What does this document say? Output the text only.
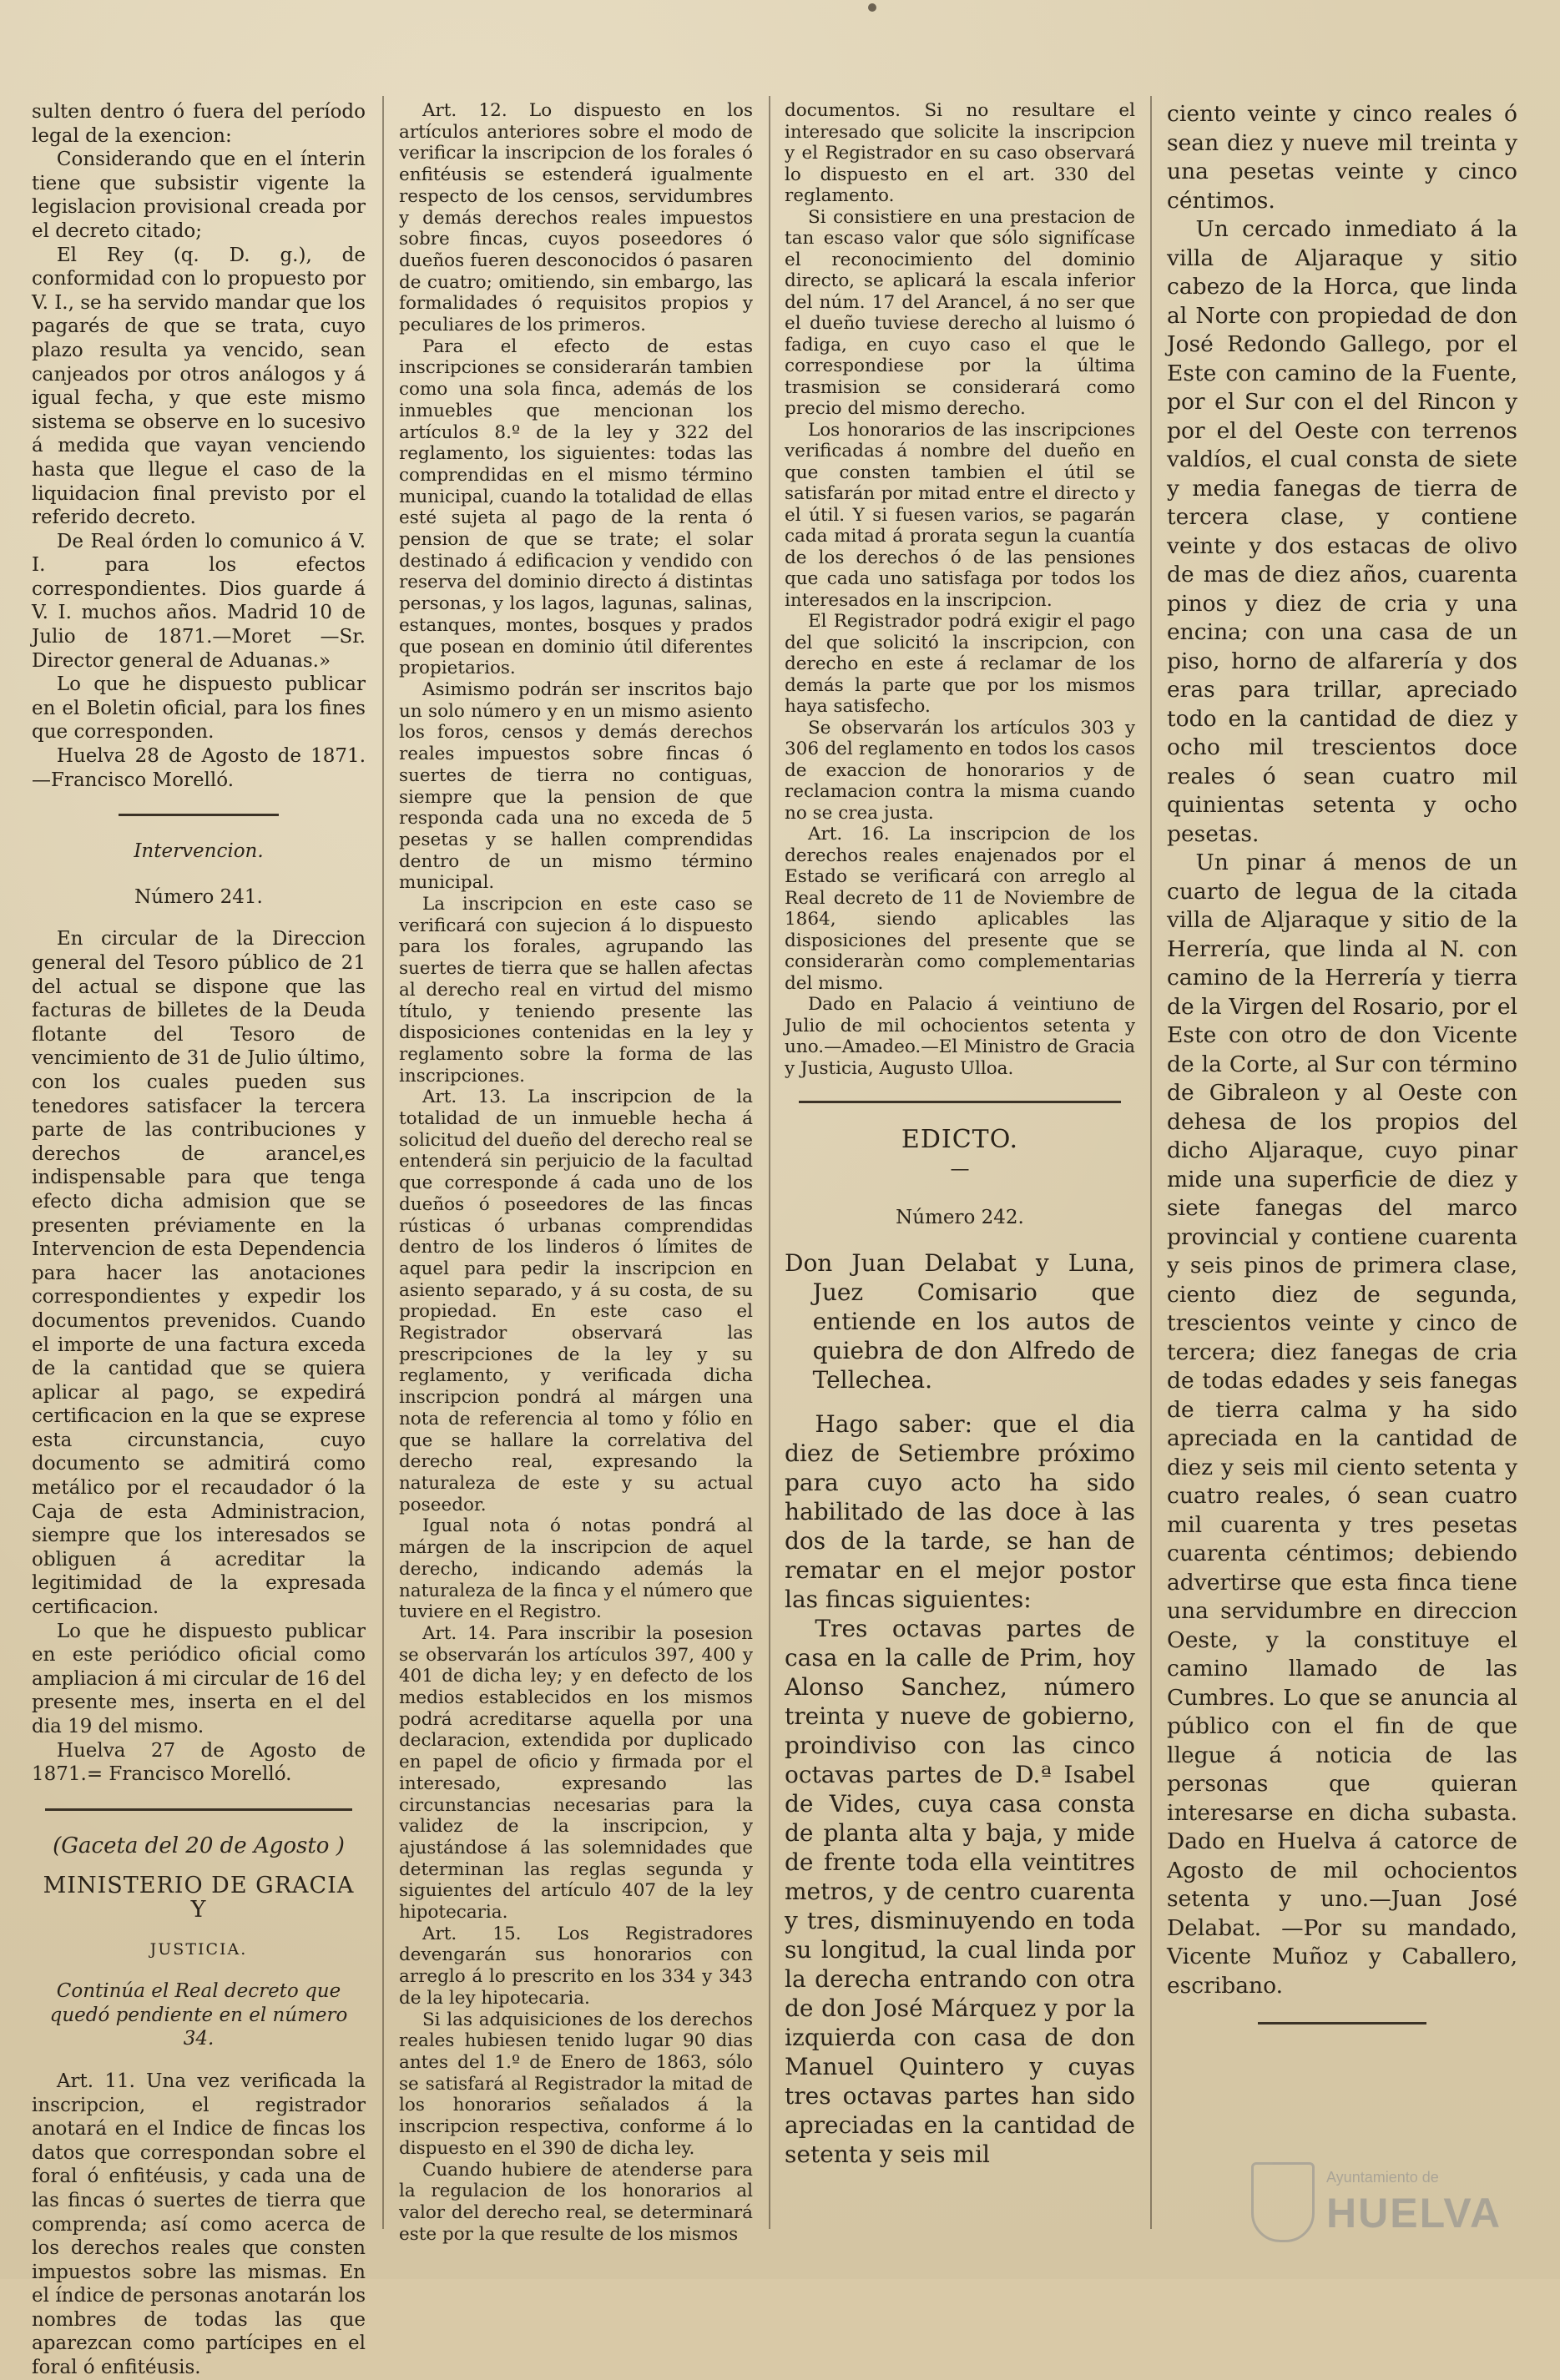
sulten dentro ó fuera del período legal de la exencion:

Considerando que en el ínterin tiene que subsistir vigente la legislacion provisional creada por el decreto citado;

El Rey (q. D. g.), de conformidad con lo propuesto por V. I., se ha servido mandar que los pagarés de que se trata, cuyo plazo resulta ya vencido, sean canjeados por otros análogos y á igual fecha, y que este mismo sistema se observe en lo sucesivo á medida que vayan venciendo hasta que llegue el caso de la liquidacion final previsto por el referido decreto.

De Real órden lo comunico á V. I. para los efectos correspondientes. Dios guarde á V. I. muchos años. Madrid 10 de Julio de 1871.—Moret —Sr. Director general de Aduanas.»

Lo que he dispuesto publicar en el Boletin oficial, para los fines que corresponden.

Huelva 28 de Agosto de 1871. —Francisco Morelló.

Intervencion.
Número 241.

En circular de la Direccion general del Tesoro público de 21 del actual se dispone que las facturas de billetes de la Deuda flotante del Tesoro de vencimiento de 31 de Julio último, con los cuales pueden sus tenedores satisfacer la tercera parte de las contribuciones y derechos de arancel,es indispensable para que tenga efecto dicha admision que se presenten préviamente en la Intervencion de esta Dependencia para hacer las anotaciones correspondientes y expedir los documentos prevenidos. Cuando el importe de una factura exceda de la cantidad que se quiera aplicar al pago, se expedirá certificacion en la que se exprese esta circunstancia, cuyo documento se admitirá como metálico por el recaudador ó la Caja de esta Administracion, siempre que los interesados se obliguen á acreditar la legitimidad de la expresada certificacion.

Lo que he dispuesto publicar en este periódico oficial como ampliacion á mi circular de 16 del presente mes, inserta en el del dia 19 del mismo.

Huelva 27 de Agosto de 1871.= Francisco Morelló.

(Gaceta del 20 de Agosto )
MINISTERIO DE GRACIA Y
JUSTICIA.
Continúa el Real decreto que quedó pendiente en el número 34.

Art. 11. Una vez verificada la inscripcion, el registrador anotará en el Indice de fincas los datos que correspondan sobre el foral ó enfitéusis, y cada una de las fincas ó suertes de tierra que comprenda; así como acerca de los derechos reales que consten impuestos sobre las mismas. En el índice de personas anotarán los nombres de todas las que aparezcan como partícipes en el foral ó enfitéusis.

Art. 12. Lo dispuesto en los artículos anteriores sobre el modo de verificar la inscripcion de los forales ó enfitéusis se estenderá igualmente respecto de los censos, servidumbres y demás derechos reales impuestos sobre fincas, cuyos poseedores ó dueños fueren desconocidos ó pasaren de cuatro; omitiendo, sin embargo, las formalidades ó requisitos propios y peculiares de los primeros.

Para el efecto de estas inscripciones se considerarán tambien como una sola finca, además de los inmuebles que mencionan los artículos 8.º de la ley y 322 del reglamento, los siguientes: todas las comprendidas en el mismo término municipal, cuando la totalidad de ellas esté sujeta al pago de la renta ó pension de que se trate; el solar destinado á edificacion y vendido con reserva del dominio directo á distintas personas, y los lagos, lagunas, salinas, estanques, montes, bosques y prados que posean en dominio útil diferentes propietarios.

Asimismo podrán ser inscritos bajo un solo número y en un mismo asiento los foros, censos y demás derechos reales impuestos sobre fincas ó suertes de tierra no contiguas, siempre que la pension de que responda cada una no exceda de 5 pesetas y se hallen comprendidas dentro de un mismo término municipal.

La inscripcion en este caso se verificará con sujecion á lo dispuesto para los forales, agrupando las suertes de tierra que se hallen afectas al derecho real en virtud del mismo título, y teniendo presente las disposiciones contenidas en la ley y reglamento sobre la forma de las inscripciones.

Art. 13. La inscripcion de la totalidad de un inmueble hecha á solicitud del dueño del derecho real se entenderá sin perjuicio de la facultad que corresponde á cada uno de los dueños ó poseedores de las fincas rústicas ó urbanas comprendidas dentro de los linderos ó límites de aquel para pedir la inscripcion en asiento separado, y á su costa, de su propiedad. En este caso el Registrador observará las prescripciones de la ley y su reglamento, y verificada dicha inscripcion pondrá al márgen una nota de referencia al tomo y fólio en que se hallare la correlativa del derecho real, expresando la naturaleza de este y su actual poseedor.

Igual nota ó notas pondrá al márgen de la inscripcion de aquel derecho, indicando además la naturaleza de la finca y el número que tuviere en el Registro.

Art. 14. Para inscribir la posesion se observarán los artículos 397, 400 y 401 de dicha ley; y en defecto de los medios establecidos en los mismos podrá acreditarse aquella por una declaracion, extendida por duplicado en papel de oficio y firmada por el interesado, expresando las circunstancias necesarias para la validez de la inscripcion, y ajustándose á las solemnidades que determinan las reglas segunda y siguientes del artículo 407 de la ley hipotecaria.

Art. 15. Los Registradores devengarán sus honorarios con arreglo á lo prescrito en los 334 y 343 de la ley hipotecaria.

Si las adquisiciones de los derechos reales hubiesen tenido lugar 90 dias antes del 1.º de Enero de 1863, sólo se satisfará al Registrador la mitad de los honorarios señalados á la inscripcion respectiva, conforme á lo dispuesto en el 390 de dicha ley.

Cuando hubiere de atenderse para la regulacion de los honorarios al valor del derecho real, se determinará este por la que resulte de los mismos

documentos. Si no resultare el interesado que solicite la inscripcion y el Registrador en su caso observará lo dispuesto en el art. 330 del reglamento.

Si consistiere en una prestacion de tan escaso valor que sólo signifícase el reconocimiento del dominio directo, se aplicará la escala inferior del núm. 17 del Arancel, á no ser que el dueño tuviese derecho al luismo ó fadiga, en cuyo caso el que le correspondiese por la última trasmision se considerará como precio del mismo derecho.

Los honorarios de las inscripciones verificadas á nombre del dueño en que consten tambien el útil se satisfarán por mitad entre el directo y el útil. Y si fuesen varios, se pagarán cada mitad á prorata segun la cuantía de los derechos ó de las pensiones que cada uno satisfaga por todos los interesados en la inscripcion.

El Registrador podrá exigir el pago del que solicitó la inscripcion, con derecho en este á reclamar de los demás la parte que por los mismos haya satisfecho.

Se observarán los artículos 303 y 306 del reglamento en todos los casos de exaccion de honorarios y de reclamacion contra la misma cuando no se crea justa.

Art. 16. La inscripcion de los derechos reales enajenados por el Estado se verificará con arreglo al Real decreto de 11 de Noviembre de 1864, siendo aplicables las disposiciones del presente que se consideraràn como complementarias del mismo.

Dado en Palacio á veintiuno de Julio de mil ochocientos setenta y uno.—Amadeo.—El Ministro de Gracia y Justicia, Augusto Ulloa.

EDICTO.
—
Número 242.

Don Juan Delabat y Luna, Juez Comisario que entiende en los autos de quiebra de don Alfredo de Tellechea.

Hago saber: que el dia diez de Setiembre próximo para cuyo acto ha sido habilitado de las doce à las dos de la tarde, se han de rematar en el mejor postor las fincas siguientes:

Tres octavas partes de casa en la calle de Prim, hoy Alonso Sanchez, número treinta y nueve de gobierno, proindiviso con las cinco octavas partes de D.ª Isabel de Vides, cuya casa consta de planta alta y baja, y mide de frente toda ella veintitres metros, y de centro cuarenta y tres, disminuyendo en toda su longitud, la cual linda por la derecha entrando con otra de don José Márquez y por la izquierda con casa de don Manuel Quintero y cuyas tres octavas partes han sido apreciadas en la cantidad de setenta y seis mil

ciento veinte y cinco reales ó sean diez y nueve mil treinta y una pesetas veinte y cinco céntimos.

Un cercado inmediato á la villa de Aljaraque y sitio cabezo de la Horca, que linda al Norte con propiedad de don José Redondo Gallego, por el Este con camino de la Fuente, por el Sur con el del Rincon y por el del Oeste con terrenos valdíos, el cual consta de siete y media fanegas de tierra de tercera clase, y contiene veinte y dos estacas de olivo de mas de diez años, cuarenta pinos y diez de cria y una encina; con una casa de un piso, horno de alfarería y dos eras para trillar, apreciado todo en la cantidad de diez y ocho mil trescientos doce reales ó sean cuatro mil quinientas setenta y ocho pesetas.

Un pinar á menos de un cuarto de legua de la citada villa de Aljaraque y sitio de la Herrería, que linda al N. con camino de la Herrería y tierra de la Virgen del Rosario, por el Este con otro de don Vicente de la Corte, al Sur con término de Gibraleon y al Oeste con dehesa de los propios del dicho Aljaraque, cuyo pinar mide una superficie de diez y siete fanegas del marco provincial y contiene cuarenta y seis pinos de primera clase, ciento diez de segunda, trescientos veinte y cinco de tercera; diez fanegas de cria de todas edades y seis fanegas de tierra calma y ha sido apreciada en la cantidad de diez y seis mil ciento setenta y cuatro reales, ó sean cuatro mil cuarenta y tres pesetas cuarenta céntimos; debiendo advertirse que esta finca tiene una servidumbre en direccion Oeste, y la constituye el camino llamado de las Cumbres. Lo que se anuncia al público con el fin de que llegue á noticia de las personas que quieran interesarse en dicha subasta. Dado en Huelva á catorce de Agosto de mil ochocientos setenta y uno.—Juan José Delabat. —Por su mandado, Vicente Muñoz y Caballero, escribano.

Ayuntamiento de
HUELVA
